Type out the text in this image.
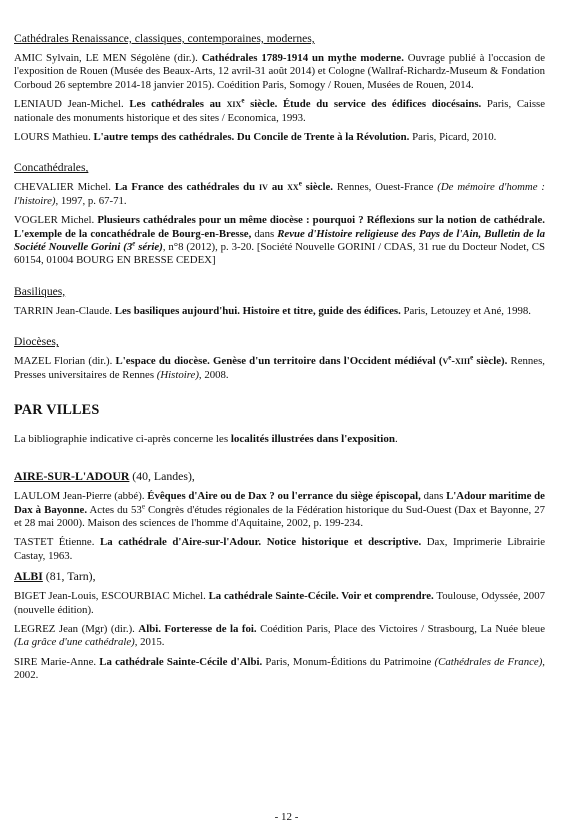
Cathédrales Renaissance, classiques, contemporaines, modernes,

AMIC Sylvain, LE MEN Ségolène (dir.). Cathédrales 1789-1914 un mythe moderne. Ouvrage publié à l'occasion de l'exposition de Rouen (Musée des Beaux-Arts, 12 avril-31 août 2014) et Cologne (Wallraf-Richardz-Museum & Fondation Corboud 26 septembre 2014-18 janvier 2015). Coédition Paris, Somogy / Rouen, Musées de Rouen, 2014.

LENIAUD Jean-Michel. Les cathédrales au xix$^e$ siècle. Étude du service des édifices diocésains. Paris, Caisse nationale des monuments historique et des sites / Economica, 1993.

LOURS Mathieu. L'autre temps des cathédrales. Du Concile de Trente à la Révolution. Paris, Picard, 2010.

Concathédrales,

CHEVALIER Michel. La France des cathédrales du iv au $xx^e$ siècle. Rennes, Ouest-France (De mémoire d'homme : l'histoire), 1997, p. 67-71.

VOGLER Michel. Plusieurs cathédrales pour un même diocèse : pourquoi ? Réflexions sur la notion de cathédrale. L'exemple de la concathédrale de Bourg-en-Bresse, dans Revue d'Histoire religieuse des Pays de l'Ain, Bulletin de la Société Nouvelle Gorini (3e série), n°8 (2012), p. 3-20. [Société Nouvelle GORINI / CDAS, 31 rue du Docteur Nodet, CS 60154, 01004 BOURG EN BRESSE CEDEX]

Basiliques,

TARRIN Jean-Claude. Les basiliques aujourd'hui. Histoire et titre, guide des édifices. Paris, Letouzey et Ané, 1998.

Diocèses,

MAZEL Florian (dir.). L'espace du diocèse. Genèse d'un territoire dans l'Occident médiéval ($v^e-xiii^e$ siècle). Rennes, Presses universitaires de Rennes (Histoire), 2008.

PAR VILLES

La bibliographie indicative ci-après concerne les localités illustrées dans l'exposition.

AIRE-SUR-L'ADOUR (40, Landes),

LAULOM Jean-Pierre (abbé). Évêques d'Aire ou de Dax ? ou l'errance du siège épiscopal, dans L'Adour maritime de Dax à Bayonne. Actes du 53e Congrès d'études régionales de la Fédération historique du Sud-Ouest (Dax et Bayonne, 27 et 28 mai 2000). Maison des sciences de l'homme d'Aquitaine, 2002, p. 199-234.

TASTET Étienne. La cathédrale d'Aire-sur-l'Adour. Notice historique et descriptive. Dax, Imprimerie Librairie Castay, 1963.

ALBI (81, Tarn),

BIGET Jean-Louis, ESCOURBIAC Michel. La cathédrale Sainte-Cécile. Voir et comprendre. Toulouse, Odyssée, 2007 (nouvelle édition).

LEGREZ Jean (Mgr) (dir.). Albi. Forteresse de la foi. Coédition Paris, Place des Victoires / Strasbourg, La Nuée bleue (La grâce d'une cathédrale), 2015.

SIRE Marie-Anne. La cathédrale Sainte-Cécile d'Albi. Paris, Monum-Éditions du Patrimoine (Cathédrales de France), 2002.

- 12 -
